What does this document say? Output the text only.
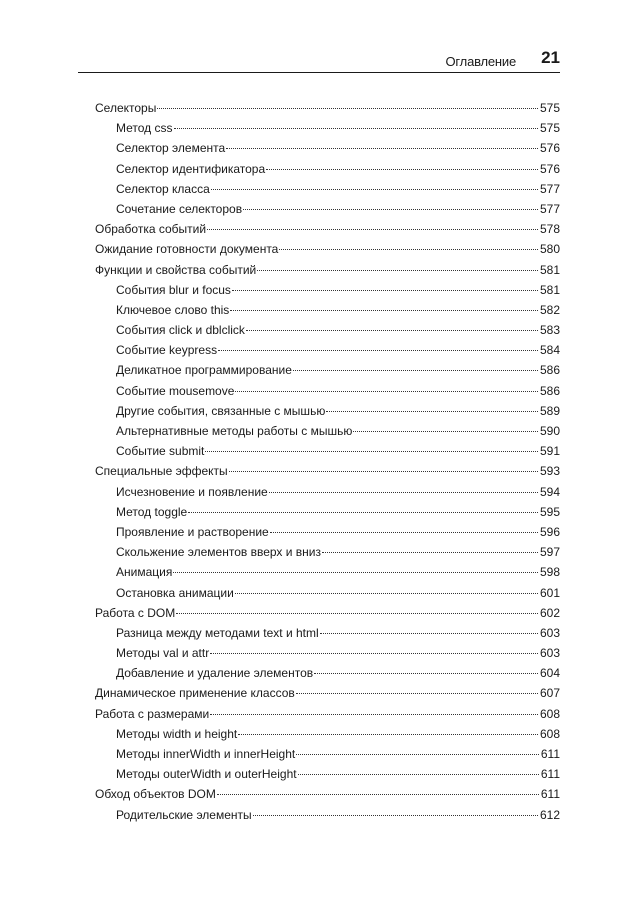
Оглавление 21
Селекторы	575
Метод css	575
Селектор элемента	576
Селектор идентификатора	576
Селектор класса	577
Сочетание селекторов	577
Обработка событий	578
Ожидание готовности документа	580
Функции и свойства событий	581
События blur и focus	581
Ключевое слово this	582
События click и dblclick	583
Событие keypress	584
Деликатное программирование	586
Событие mousemove	586
Другие события, связанные с мышью	589
Альтернативные методы работы с мышью	590
Событие submit	591
Специальные эффекты	593
Исчезновение и появление	594
Метод toggle	595
Проявление и растворение	596
Скольжение элементов вверх и вниз	597
Анимация	598
Остановка анимации	601
Работа с DOM	602
Разница между методами text и html	603
Методы val и attr	603
Добавление и удаление элементов	604
Динамическое применение классов	607
Работа с размерами	608
Методы width и height	608
Методы innerWidth и innerHeight	611
Методы outerWidth и outerHeight	611
Обход объектов DOM	611
Родительские элементы	612
